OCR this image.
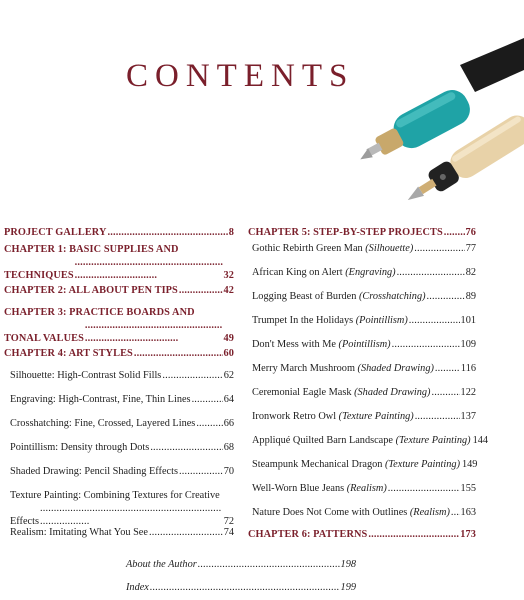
CONTENTS
PROJECT GALLERY . . .	8
CHAPTER 1: BASIC SUPPLIES AND
TECHNIQUES . . .	32
CHAPTER 2: ALL ABOUT PEN TIPS . . .	42
CHAPTER 3: PRACTICE BOARDS AND
TONAL VALUES . . .	49
CHAPTER 4: ART STYLES . . .	60
Silhouette: High-Contrast Solid Fills . . .	62
Engraving: High-Contrast, Fine, Thin Lines . . .	64
Crosshatching: Fine, Crossed, Layered Lines . . .	66
Pointillism: Density through Dots . . .	68
Shaded Drawing: Pencil Shading Effects . . .	70
Texture Painting: Combining Textures for Creative
Effects . . .	72
Realism: Imitating What You See . . .	74
CHAPTER 5: STEP-BY-STEP PROJECTS . . . 76
Gothic Rebirth Green Man (Silhouette) . . .	77
African King on Alert (Engraving) . . .	82
Logging Beast of Burden (Crosshatching) . . .	89
Trumpet In the Holidays (Pointillism) . . .	101
Don't Mess with Me (Pointillism) . . .	109
Merry March Mushroom (Shaded Drawing) . . .	116
Ceremonial Eagle Mask (Shaded Drawing) . . .	122
Ironwork Retro Owl (Texture Painting) . . .	137
Appliqué Quilted Barn Landscape (Texture Painting) 144
Steampunk Mechanical Dragon (Texture Painting) 149
Well-Worn Blue Jeans (Realism) . . .	155
Nature Does Not Come with Outlines (Realism) . . . 163
CHAPTER 6: PATTERNS . . .	173
About the Author . . .	198
Index . . .	199
